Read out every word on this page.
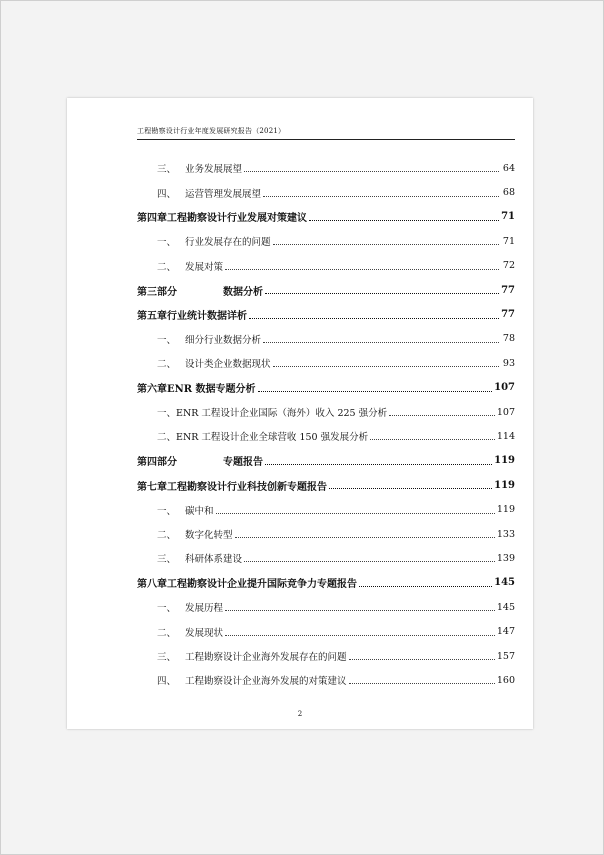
工程勘察设计行业年度发展研究报告（2021）
三、 业务发展展望	64
四、 运营管理发展展望	68
第四章 工程勘察设计行业发展对策建议	71
一、 行业发展存在的问题	71
二、 发展对策	72
第三部分	数据分析	77
第五章 行业统计数据详析	77
一、 细分行业数据分析	78
二、 设计类企业数据现状	93
第六章 ENR 数据专题分析	107
一、 ENR 工程设计企业国际（海外）收入 225 强分析	107
二、 ENR 工程设计企业全球营收 150 强发展分析	114
第四部分	专题报告	119
第七章 工程勘察设计行业科技创新专题报告	119
一、 碳中和	119
二、 数字化转型	133
三、 科研体系建设	139
第八章 工程勘察设计企业提升国际竞争力专题报告	145
一、 发展历程	145
二、 发展现状	147
三、 工程勘察设计企业海外发展存在的问题	157
四、 工程勘察设计企业海外发展的对策建议	160
2
